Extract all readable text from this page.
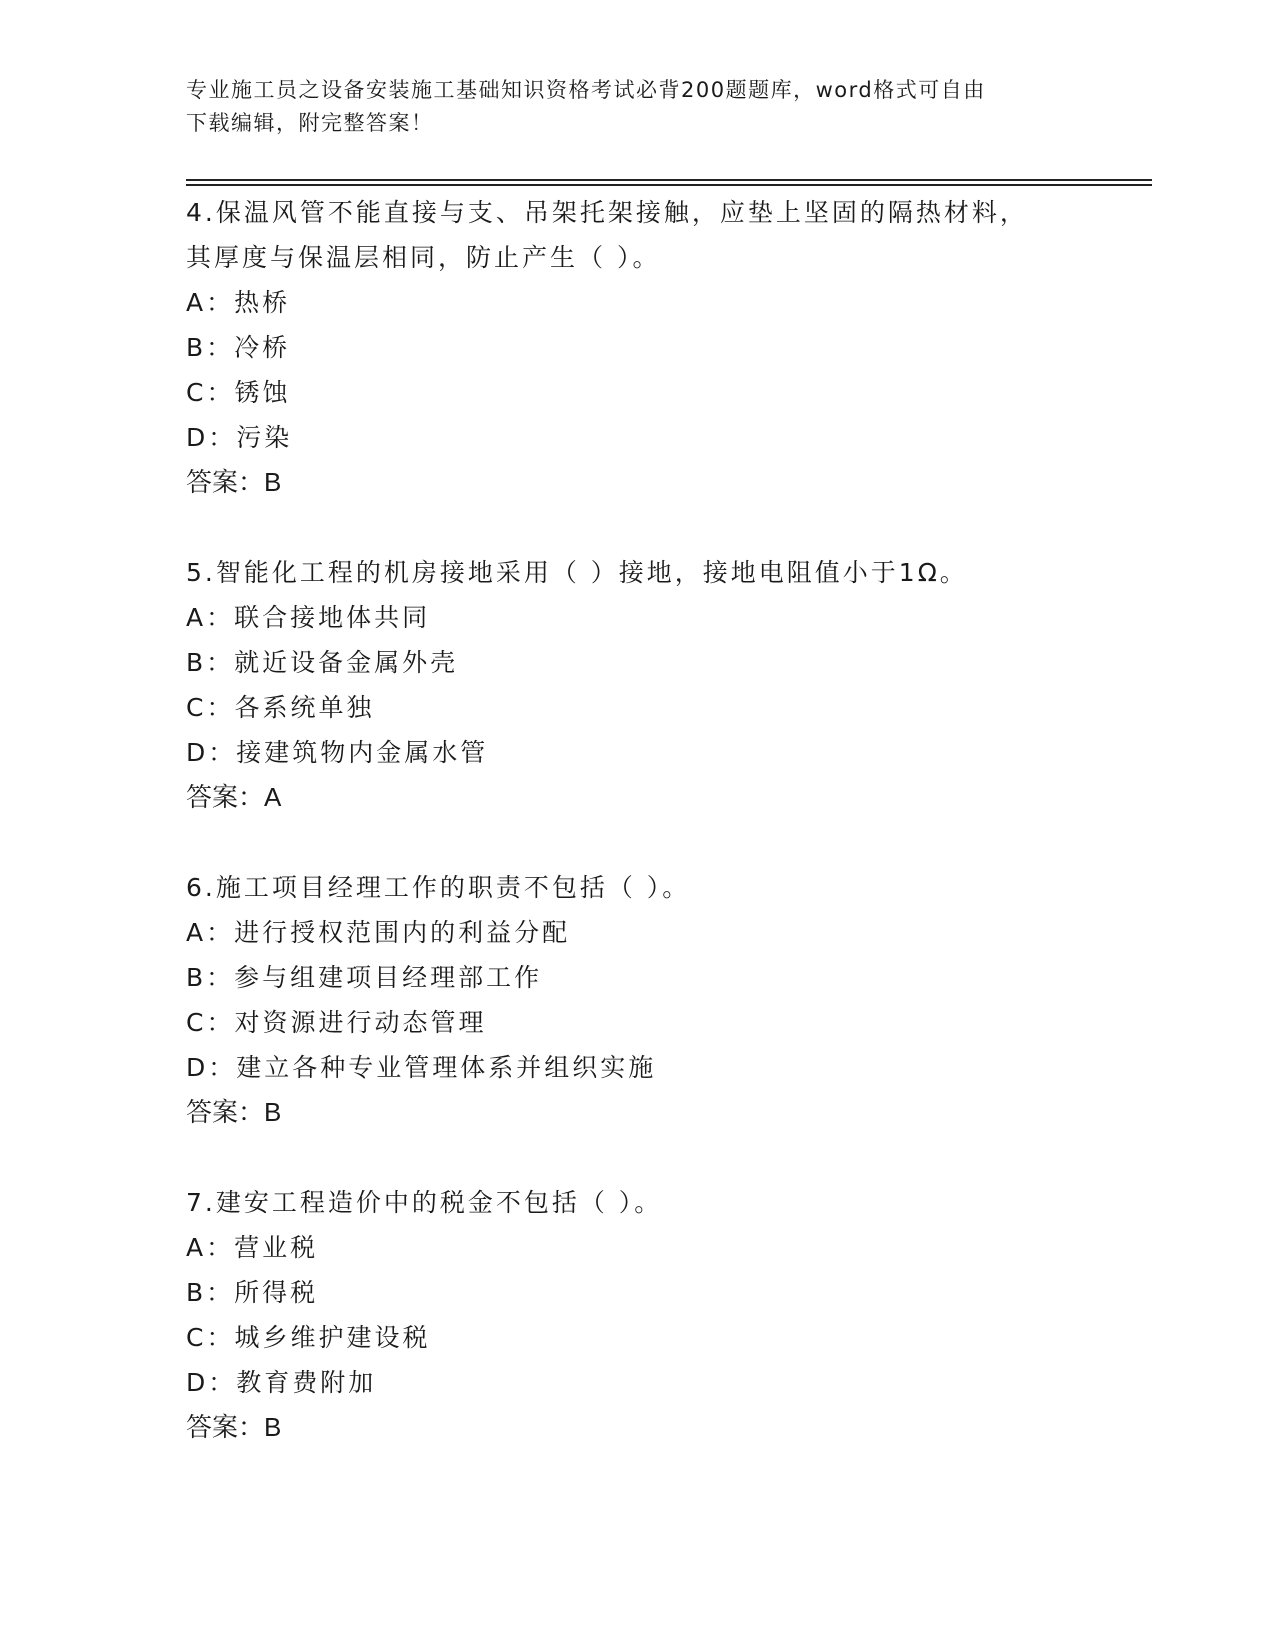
专业施工员之设备安装施工基础知识资格考试必背200题题库，word格式可自由
下载编辑，附完整答案！
4.保温风管不能直接与支、吊架托架接触，应垫上坚固的隔热材料，
其厚度与保温层相同，防止产生（ ）。
A：热桥
B：冷桥
C：锈蚀
D：污染
答案：B
5.智能化工程的机房接地采用（ ）接地，接地电阻值小于1Ω。
A：联合接地体共同
B：就近设备金属外壳
C：各系统单独
D：接建筑物内金属水管
答案：A
6.施工项目经理工作的职责不包括（ ）。
A：进行授权范围内的利益分配
B：参与组建项目经理部工作
C：对资源进行动态管理
D：建立各种专业管理体系并组织实施
答案：B
7.建安工程造价中的税金不包括（ ）。
A：营业税
B：所得税
C：城乡维护建设税
D：教育费附加
答案：B
